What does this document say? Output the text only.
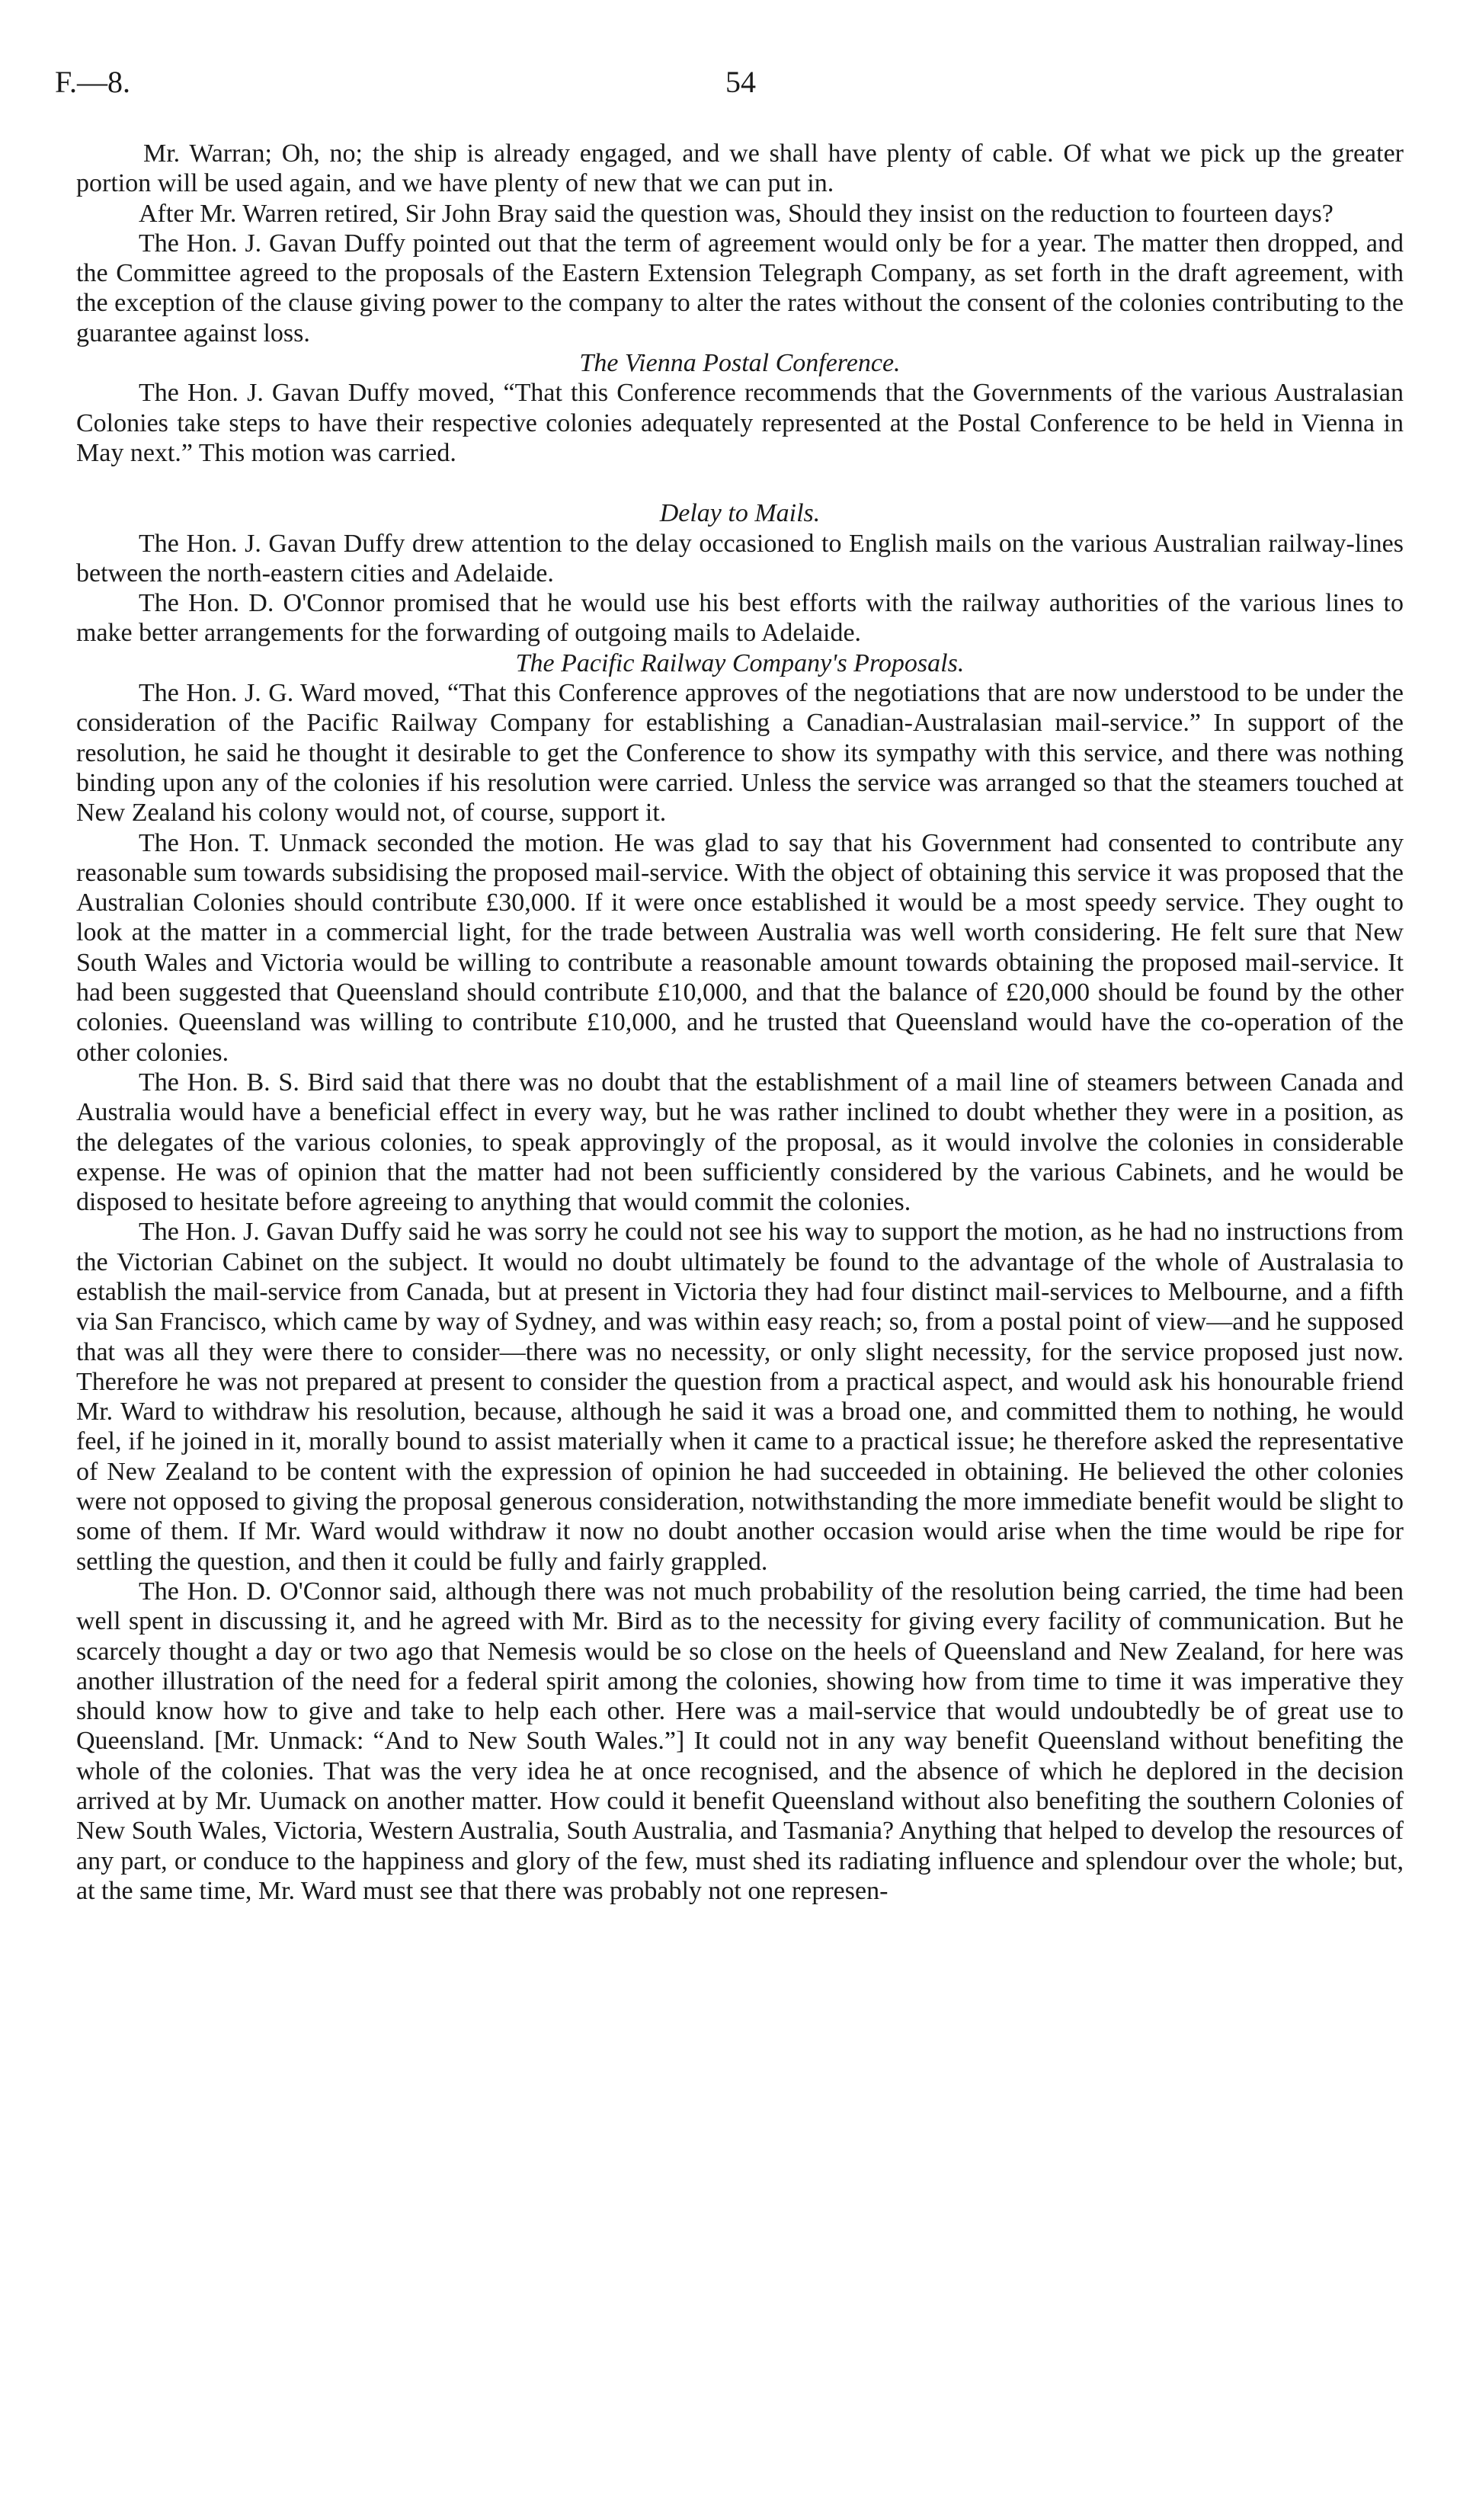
F.—8.	54

Mr. Warran; Oh, no; the ship is already engaged, and we shall have plenty of cable. Of what we pick up the greater portion will be used again, and we have plenty of new that we can put in.

After Mr. Warren retired, Sir John Bray said the question was, Should they insist on the reduction to fourteen days?

The Hon. J. Gavan Duffy pointed out that the term of agreement would only be for a year. The matter then dropped, and the Committee agreed to the proposals of the Eastern Extension Telegraph Company, as set forth in the draft agreement, with the exception of the clause giving power to the company to alter the rates without the consent of the colonies contributing to the guarantee against loss.

The Vienna Postal Conference.

The Hon. J. Gavan Duffy moved, “That this Conference recommends that the Governments of the various Australasian Colonies take steps to have their respective colonies adequately represented at the Postal Conference to be held in Vienna in May next.” This motion was carried.

Delay to Mails.

The Hon. J. Gavan Duffy drew attention to the delay occasioned to English mails on the various Australian railway-lines between the north-eastern cities and Adelaide.

The Hon. D. O'Connor promised that he would use his best efforts with the railway authorities of the various lines to make better arrangements for the forwarding of outgoing mails to Adelaide.

The Pacific Railway Company's Proposals.

The Hon. J. G. Ward moved, “That this Conference approves of the negotiations that are now understood to be under the consideration of the Pacific Railway Company for establishing a Canadian-Australasian mail-service.” In support of the resolution, he said he thought it desirable to get the Conference to show its sympathy with this service, and there was nothing binding upon any of the colonies if his resolution were carried. Unless the service was arranged so that the steamers touched at New Zealand his colony would not, of course, support it.

The Hon. T. Unmack seconded the motion. He was glad to say that his Government had consented to contribute any reasonable sum towards subsidising the proposed mail-service. With the object of obtaining this service it was proposed that the Australian Colonies should contribute £30,000. If it were once established it would be a most speedy service. They ought to look at the matter in a commercial light, for the trade between Australia was well worth considering. He felt sure that New South Wales and Victoria would be willing to contribute a reasonable amount towards obtaining the proposed mail-service. It had been suggested that Queensland should contribute £10,000, and that the balance of £20,000 should be found by the other colonies. Queensland was willing to contribute £10,000, and he trusted that Queensland would have the co-operation of the other colonies.

The Hon. B. S. Bird said that there was no doubt that the establishment of a mail line of steamers between Canada and Australia would have a beneficial effect in every way, but he was rather inclined to doubt whether they were in a position, as the delegates of the various colonies, to speak approvingly of the proposal, as it would involve the colonies in considerable expense. He was of opinion that the matter had not been sufficiently considered by the various Cabinets, and he would be disposed to hesitate before agreeing to anything that would commit the colonies.

The Hon. J. Gavan Duffy said he was sorry he could not see his way to support the motion, as he had no instructions from the Victorian Cabinet on the subject. It would no doubt ultimately be found to the advantage of the whole of Australasia to establish the mail-service from Canada, but at present in Victoria they had four distinct mail-services to Melbourne, and a fifth via San Francisco, which came by way of Sydney, and was within easy reach; so, from a postal point of view—and he supposed that was all they were there to consider—there was no necessity, or only slight necessity, for the service proposed just now. Therefore he was not prepared at present to consider the question from a practical aspect, and would ask his honourable friend Mr. Ward to withdraw his resolution, because, although he said it was a broad one, and committed them to nothing, he would feel, if he joined in it, morally bound to assist materially when it came to a practical issue; he therefore asked the representative of New Zealand to be content with the expression of opinion he had succeeded in obtaining. He believed the other colonies were not opposed to giving the proposal generous consideration, notwithstanding the more immediate benefit would be slight to some of them. If Mr. Ward would withdraw it now no doubt another occasion would arise when the time would be ripe for settling the question, and then it could be fully and fairly grappled.

The Hon. D. O'Connor said, although there was not much probability of the resolution being carried, the time had been well spent in discussing it, and he agreed with Mr. Bird as to the necessity for giving every facility of communication. But he scarcely thought a day or two ago that Nemesis would be so close on the heels of Queensland and New Zealand, for here was another illustration of the need for a federal spirit among the colonies, showing how from time to time it was imperative they should know how to give and take to help each other. Here was a mail-service that would undoubtedly be of great use to Queensland. [Mr. Unmack: “And to New South Wales.”] It could not in any way benefit Queensland without benefiting the whole of the colonies. That was the very idea he at once recognised, and the absence of which he deplored in the decision arrived at by Mr. Uumack on another matter. How could it benefit Queensland without also benefiting the southern Colonies of New South Wales, Victoria, Western Australia, South Australia, and Tasmania? Anything that helped to develop the resources of any part, or conduce to the happiness and glory of the few, must shed its radiating influence and splendour over the whole; but, at the same time, Mr. Ward must see that there was probably not one represen-
